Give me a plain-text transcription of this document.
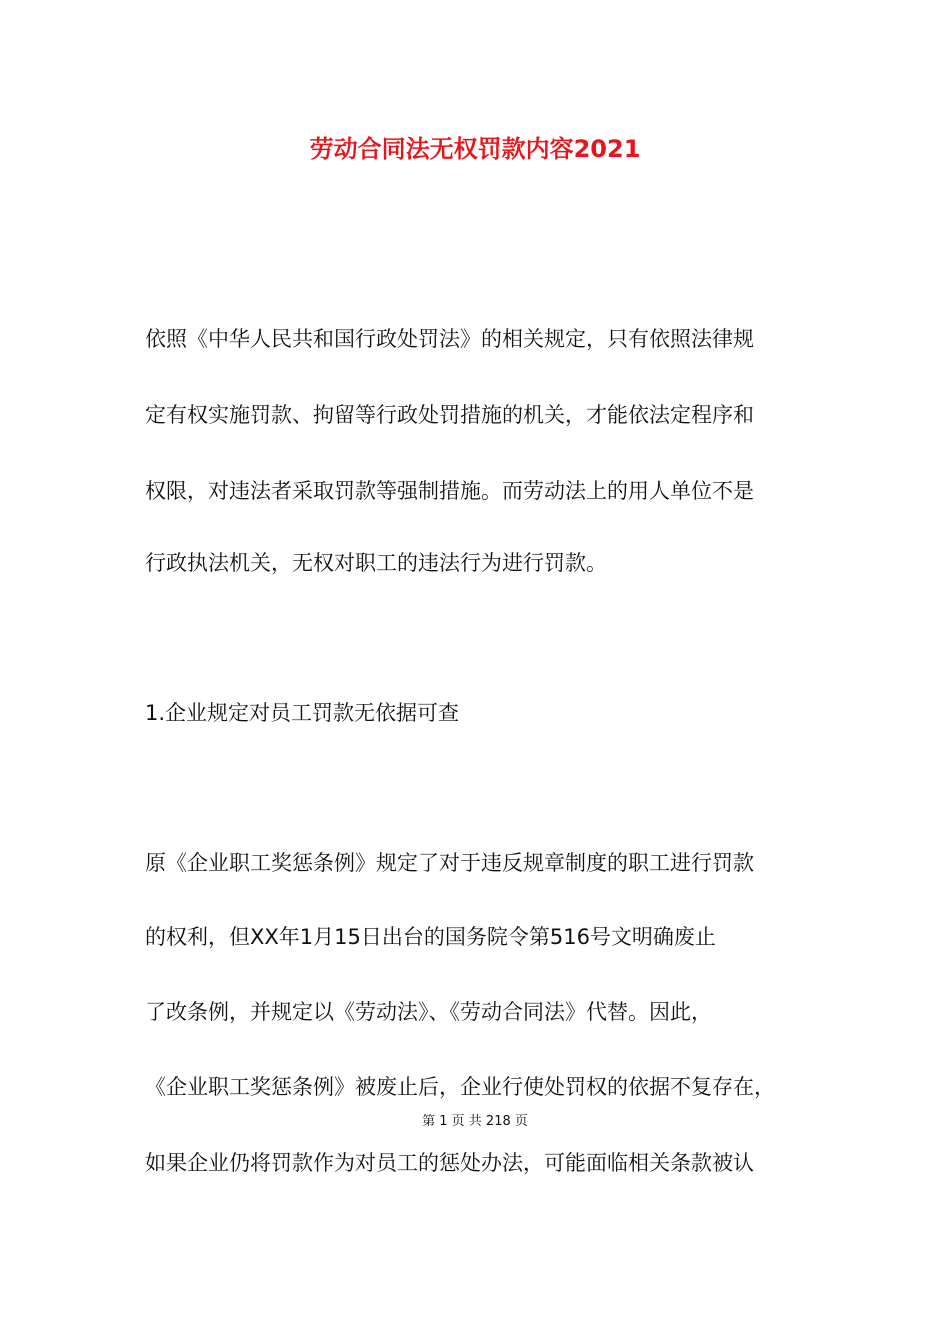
劳动合同法无权罚款内容2021
依照《中华人民共和国行政处罚法》的相关规定，只有依照法律规
定有权实施罚款、拘留等行政处罚措施的机关，才能依法定程序和
权限，对违法者采取罚款等强制措施。而劳动法上的用人单位不是
行政执法机关，无权对职工的违法行为进行罚款。
1.企业规定对员工罚款无依据可查
原《企业职工奖惩条例》规定了对于违反规章制度的职工进行罚款
的权利，但XX年1月15日出台的国务院令第516号文明确废止
了改条例，并规定以《劳动法》、《劳动合同法》代替。因此，
《企业职工奖惩条例》被废止后，企业行使处罚权的依据不复存在，
第 1 页 共 218 页
如果企业仍将罚款作为对员工的惩处办法，可能面临相关条款被认
